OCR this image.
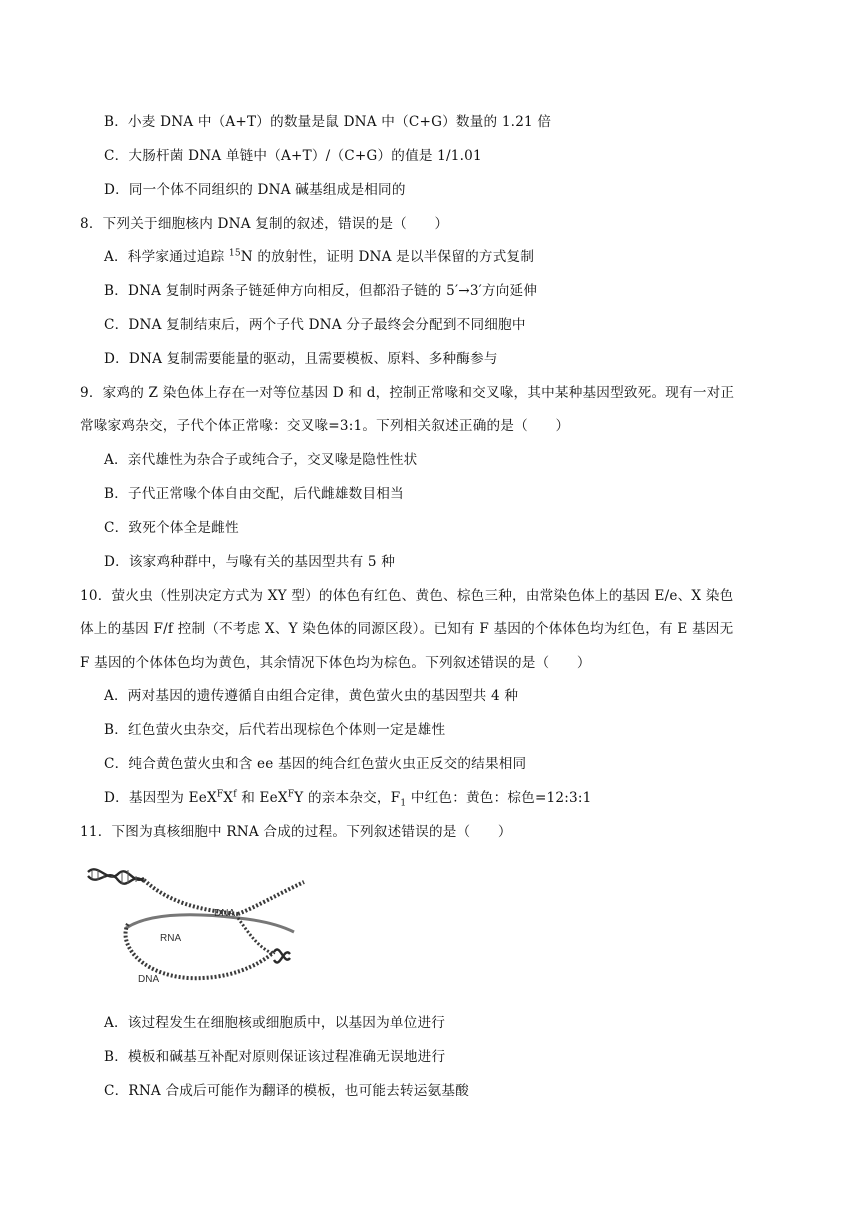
B．小麦 DNA 中（A+T）的数量是鼠 DNA 中（C+G）数量的 1.21 倍
C．大肠杆菌 DNA 单链中（A+T）/（C+G）的值是 1/1.01
D．同一个体不同组织的 DNA 碱基组成是相同的
8．下列关于细胞核内 DNA 复制的叙述，错误的是（　　）
A．科学家通过追踪 $^{15}$N 的放射性，证明 DNA 是以半保留的方式复制
B．DNA 复制时两条子链延伸方向相反，但都沿子链的 5′→3′方向延伸
C．DNA 复制结束后，两个子代 DNA 分子最终会分配到不同细胞中
D．DNA 复制需要能量的驱动，且需要模板、原料、多种酶参与
9．家鸡的 Z 染色体上存在一对等位基因 D 和 d，控制正常喙和交叉喙，其中某种基因型致死。现有一对正
常喙家鸡杂交，子代个体正常喙：交叉喙=3:1。下列相关叙述正确的是（　　）
A．亲代雄性为杂合子或纯合子，交叉喙是隐性性状
B．子代正常喙个体自由交配，后代雌雄数目相当
C．致死个体全是雌性
D．该家鸡种群中，与喙有关的基因型共有 5 种
10．萤火虫（性别决定方式为 XY 型）的体色有红色、黄色、棕色三种，由常染色体上的基因 E/e、X 染色
体上的基因 F/f 控制（不考虑 X、Y 染色体的同源区段）。已知有 F 基因的个体体色均为红色，有 E 基因无
F 基因的个体体色均为黄色，其余情况下体色均为棕色。下列叙述错误的是（　　）
A．两对基因的遗传遵循自由组合定律，黄色萤火虫的基因型共 4 种
B．红色萤火虫杂交，后代若出现棕色个体则一定是雄性
C．纯合黄色萤火虫和含 ee 基因的纯合红色萤火虫正反交的结果相同
D．基因型为 $EeX^FX^f$ 和 EeX$^F$Y 的亲本杂交，$F_1$ 中红色：黄色：棕色=12:3:1
11．下图为真核细胞中 RNA 合成的过程。下列叙述错误的是（　　）
DNA
RNA
DNA
A．该过程发生在细胞核或细胞质中，以基因为单位进行
B．模板和碱基互补配对原则保证该过程准确无误地进行
C．RNA 合成后可能作为翻译的模板，也可能去转运氨基酸
